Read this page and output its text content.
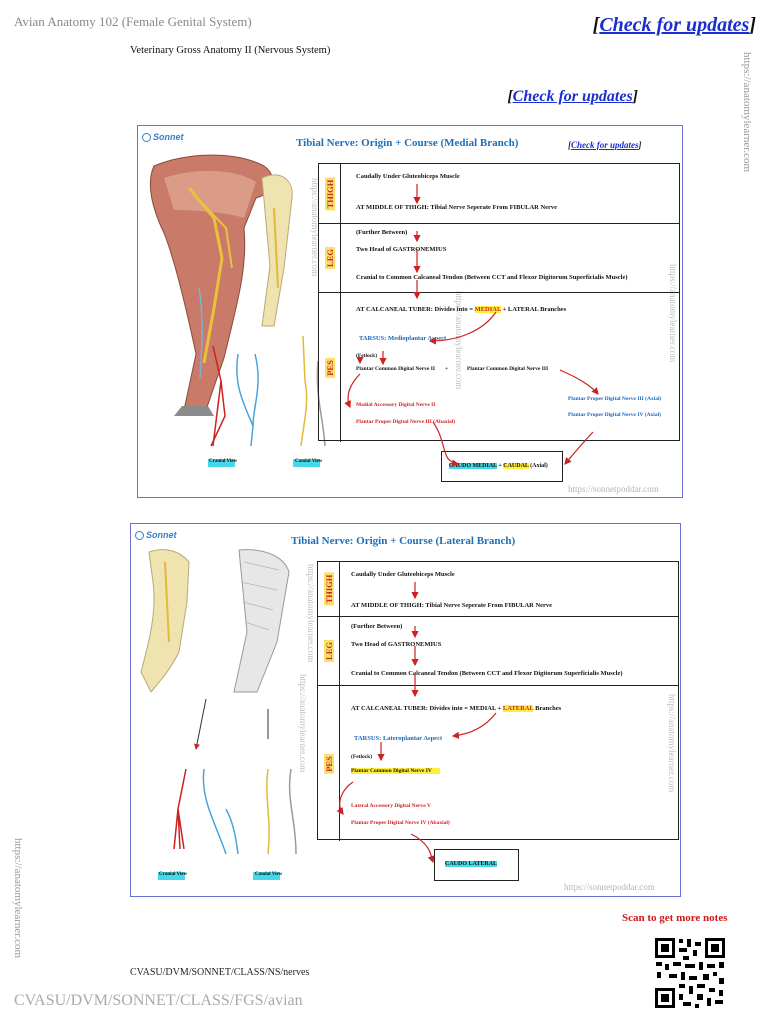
Avian Anatomy 102 (Female Genital System)
Veterinary Gross Anatomy II (Nervous System)
[Check for updates]
[Check for updates]	https://anatomylearner.com
https://anatomylearner.com
Sonnet	Tibial Nerve: Origin + Course (Medial Branch)	[Check for updates]
https://anatomylearner.com
https://anatomylearner.com	https://anatomylearner.com
Cranial View	Caudal View
THIGH
Caudally Under Gluteobiceps Muscle
AT MIDDLE OF THIGH: Tibial Nerve Seperate From FIBULAR Nerve
LEG
(Further Between)
Two Head of GASTRONEMIUS
Cranial to Common Calcaneal Tendon (Between CCT and Flexor Digitorum Superficialis Muscle)
PES
AT CALCANEAL TUBER: Divides into = MEDIAL + LATERAL Branches
TARSUS: Medioplantar Aspect
(Fetlock)
Plantar Common Digital Nerve II +	Plantar Common Digital Nerve III
Medial Accessory Digital Nerve II
Plantar Proper Digital Nerve III (Abaxial)
Plantar Proper Digital Nerve III (Axial)
Plantar Proper Digital Nerve IV (Axial)
CAUDO MEDIAL + CAUDAL (Axial)
https://sonnetpoddar.com
Sonnet	Tibial Nerve: Origin + Course (Lateral Branch)
https://anatomylearner.com
https://anatomylearner.com	https://anatomylearner.com
Cranial View	Caudal View
THIGH
Caudally Under Gluteobiceps Muscle
AT MIDDLE OF THIGH: Tibial Nerve Seperate From FIBULAR Nerve
LEG
(Further Between)
Two Head of GASTRONEMIUS
Cranial to Common Calcaneal Tendon (Between CCT and Flexor Digitorum Superficialis Muscle)
PES
AT CALCANEAL TUBER: Divides into = MEDIAL + LATERAL Branches
TARSUS: Lateroplantar Aspect
(Fetlock)
Plantar Common Digital Nerve IV
Lateral Accessory Digital Nerve V
Plantar Proper Digital Nerve IV (Abaxial)
CAUDO LATERAL
https://sonnetpoddar.com
Scan to get more notes
CVASU/DVM/SONNET/CLASS/NS/nerves
CVASU/DVM/SONNET/CLASS/FGS/avian
